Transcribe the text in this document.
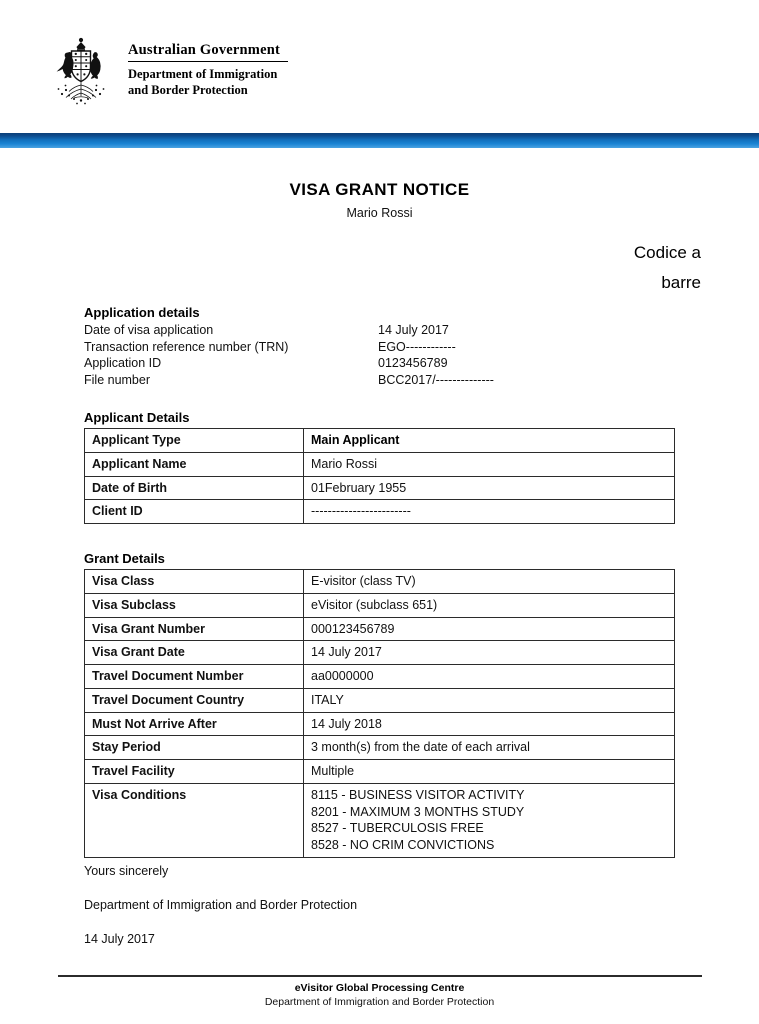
Australian Government
Department of Immigration
and Border Protection
VISA GRANT NOTICE
Mario Rossi
Codice a
barre
Application details
Date of visa application	14 July 2017
Transaction reference number (TRN)	EGO------------
Application ID	0123456789
File number	BCC2017/--------------
Applicant Details
Applicant Type	Main Applicant
Applicant Name	Mario Rossi
Date of Birth	01February 1955
Client ID	------------------------
Grant Details
Visa Class	E-visitor (class TV)
Visa Subclass	eVisitor (subclass 651)
Visa Grant Number	000123456789
Visa Grant Date	14 July 2017
Travel Document Number	aa0000000
Travel Document Country	ITALY
Must Not Arrive After	14 July 2018
Stay Period	3 month(s) from the date of each arrival
Travel Facility	Multiple
Visa Conditions	8115 - BUSINESS VISITOR ACTIVITY
8201 - MAXIMUM 3 MONTHS STUDY
8527 - TUBERCULOSIS FREE
8528 - NO CRIM CONVICTIONS

Yours sincerely

Department of Immigration and Border Protection

14 July 2017

eVisitor Global Processing Centre
Department of Immigration and Border Protection
